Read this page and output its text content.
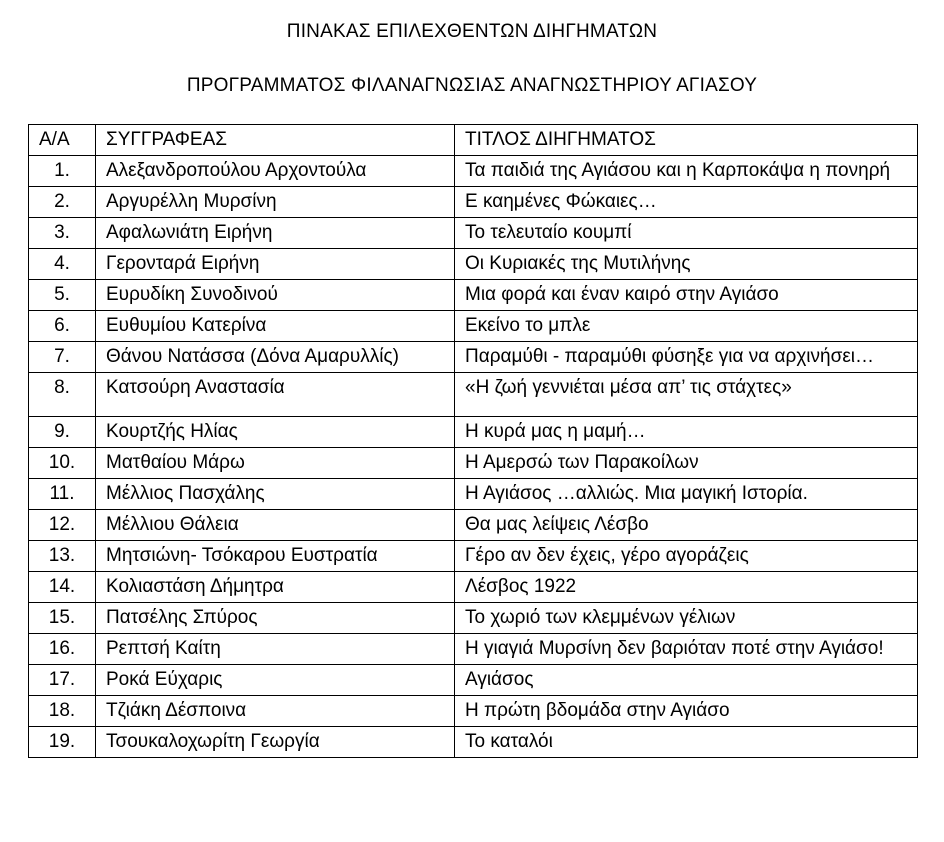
ΠΙΝΑΚΑΣ ΕΠΙΛΕΧΘΕΝΤΩΝ ΔΙΗΓΗΜΑΤΩΝ
ΠΡΟΓΡΑΜΜΑΤΟΣ ΦΙΛΑΝΑΓΝΩΣΙΑΣ ΑΝΑΓΝΩΣΤΗΡΙΟΥ ΑΓΙΑΣΟΥ
Α/Α	ΣΥΓΓΡΑΦΕΑΣ	ΤΙΤΛΟΣ ΔΙΗΓΗΜΑΤΟΣ
1.	Αλεξανδροπούλου Αρχοντούλα	Τα παιδιά της Αγιάσου και η Καρποκάψα η πονηρή
2.	Αργυρέλλη Μυρσίνη	Ε καημένες Φώκαιες…
3.	Αφαλωνιάτη Ειρήνη	Το τελευταίο κουμπί
4.	Γερονταρά Ειρήνη	Οι Κυριακές της Μυτιλήνης
5.	Ευρυδίκη Συνοδινού	Μια φορά και έναν καιρό στην Αγιάσο
6.	Ευθυμίου Κατερίνα	Εκείνο το μπλε
7.	Θάνου Νατάσσα (Δόνα Αμαρυλλίς)	Παραμύθι - παραμύθι φύσηξε για να αρχινήσει…
8.	Κατσούρη Αναστασία	«Η ζωή γεννιέται μέσα απ’ τις στάχτες»
9.	Κουρτζής Ηλίας	Η κυρά μας η μαμή…
10.	Ματθαίου Μάρω	Η Αμερσώ των Παρακοίλων
11.	Μέλλιος Πασχάλης	Η Αγιάσος …αλλιώς. Μια μαγική Ιστορία.
12.	Μέλλιου Θάλεια	Θα μας λείψεις Λέσβο
13.	Μητσιώνη- Τσόκαρου Ευστρατία	Γέρο αν δεν έχεις, γέρο αγοράζεις
14.	Κολιαστάση Δήμητρα	Λέσβος 1922
15.	Πατσέλης Σπύρος	Το χωριό των κλεμμένων γέλιων
16.	Ρεπτσή Καίτη	Η γιαγιά Μυρσίνη δεν βαριόταν ποτέ στην Αγιάσο!
17.	Ροκά Εύχαρις	Αγιάσος
18.	Τζιάκη Δέσποινα	Η πρώτη βδομάδα στην Αγιάσο
19.	Τσουκαλοχωρίτη Γεωργία	Το καταλόι
